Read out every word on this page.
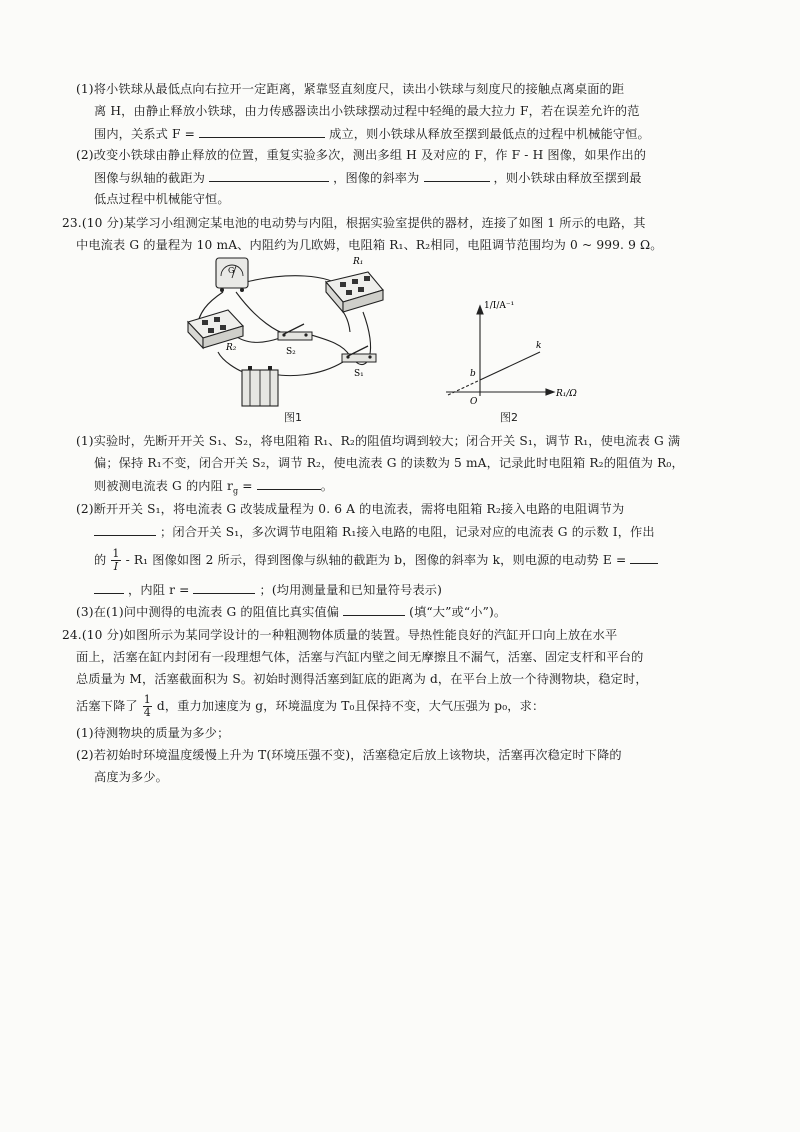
(1)将小铁球从最低点向右拉开一定距离，紧靠竖直刻度尺，读出小铁球与刻度尺的接触点离桌面的距
离 H，由静止释放小铁球，由力传感器读出小铁球摆动过程中轻绳的最大拉力 F，若在误差允许的范
围内，关系式 F =	成立，则小铁球从释放至摆到最低点的过程中机械能守恒。
(2)改变小铁球由静止释放的位置，重复实验多次，测出多组 H 及对应的 F，作 F - H 图像，如果作出的
图像与纵轴的截距为	，图像的斜率为	，则小铁球由释放至摆到最
低点过程中机械能守恒。
23.(10 分)某学习小组测定某电池的电动势与内阻，根据实验室提供的器材，连接了如图 1 所示的电路，其
中电流表 G 的量程为 10 mA、内阻约为几欧姆，电阻箱 R₁、R₂相同，电阻调节范围均为 0 ~ 999. 9 Ω。
G
R₁
R₂	S₂
S₁
图1
1/I/A⁻¹
R₁/Ω
O
b
k
图2
(1)实验时，先断开开关 S₁、S₂，将电阻箱 R₁、R₂的阻值均调到较大；闭合开关 S₁，调节 R₁，使电流表 G 满
偏；保持 R₁不变，闭合开关 S₂，调节 R₂，使电流表 G 的读数为 5 mA，记录此时电阻箱 R₂的阻值为 R₀，
则被测电流表 G 的内阻 $r_g$ =	。
(2)断开开关 S₁，将电流表 G 改装成量程为 0. 6 A 的电流表，需将电阻箱 R₂接入电路的电阻调节为
；闭合开关 S₁，多次调节电阻箱 R₁接入电路的电阻，记录对应的电流表 G 的示数 I，作出
的 $\frac{1}{I} - R_1$ 图像如图 2 所示，得到图像与纵轴的截距为 b，图像的斜率为 k，则电源的电动势 E =
，内阻 r =	；(均用测量量和已知量符号表示)
(3)在(1)问中测得的电流表 G 的阻值比真实值偏	(填“大”或“小”)。
24.(10 分)如图所示为某同学设计的一种粗测物体质量的装置。导热性能良好的汽缸开口向上放在水平
面上，活塞在缸内封闭有一段理想气体，活塞与汽缸内壁之间无摩擦且不漏气，活塞、固定支杆和平台的
总质量为 M，活塞截面积为 S。初始时测得活塞到缸底的距离为 d，在平台上放一个待测物块，稳定时，
活塞下降了 $\frac{1}{4}$ d，重力加速度为 g，环境温度为 T₀且保持不变，大气压强为 p₀，求：
(1)待测物块的质量为多少；
(2)若初始时环境温度缓慢上升为 T(环境压强不变)，活塞稳定后放上该物块，活塞再次稳定时下降的
高度为多少。
